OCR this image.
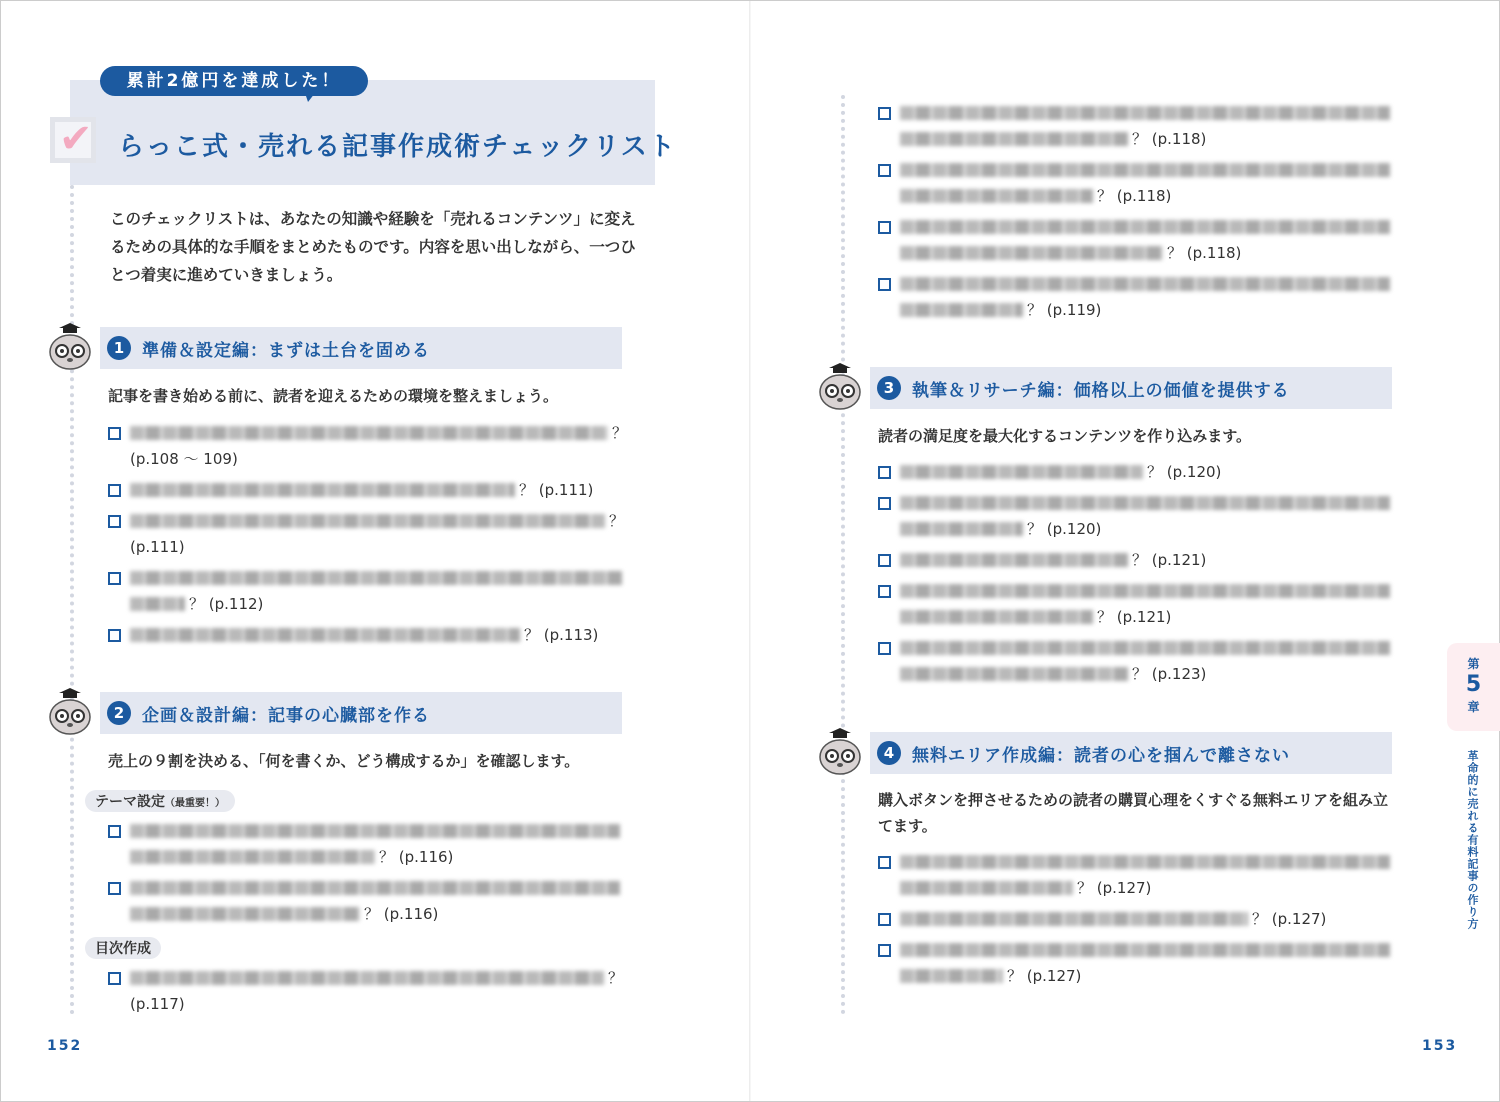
累計2億円を達成した！
✔ らっこ式・売れる記事作成術チェックリスト
このチェックリストは、あなたの知識や経験を「売れるコンテンツ」に変えるための具体的な手順をまとめたものです。内容を思い出しながら、一つひとつ着実に進めていきましょう。
1	準備＆設定編：まずは土台を固める
記事を書き始める前に、読者を迎えるための環境を整えましょう。
？
(p.108 ～ 109)
？ (p.111)
？
(p.111)
？ (p.112)
？ (p.113)
2	企画＆設計編：記事の心臓部を作る
売上の９割を決める、「何を書くか、どう構成するか」を確認します。
テーマ設定（最重要！）
？ (p.116)
？ (p.116)
目次作成
？
(p.117)
152
？ (p.118)
？ (p.118)
？ (p.118)
？ (p.119)
3	執筆＆リサーチ編：価格以上の価値を提供する
読者の満足度を最大化するコンテンツを作り込みます。
？ (p.120)
？ (p.120)
？ (p.121)
？ (p.121)
？ (p.123)
4	無料エリア作成編：読者の心を掴んで離さない
購入ボタンを押させるための読者の購買心理をくすぐる無料エリアを組み立てます。
？ (p.127)
？ (p.127)
？ (p.127)
第
5
章
革命的に売れる有料記事の作り方
153
